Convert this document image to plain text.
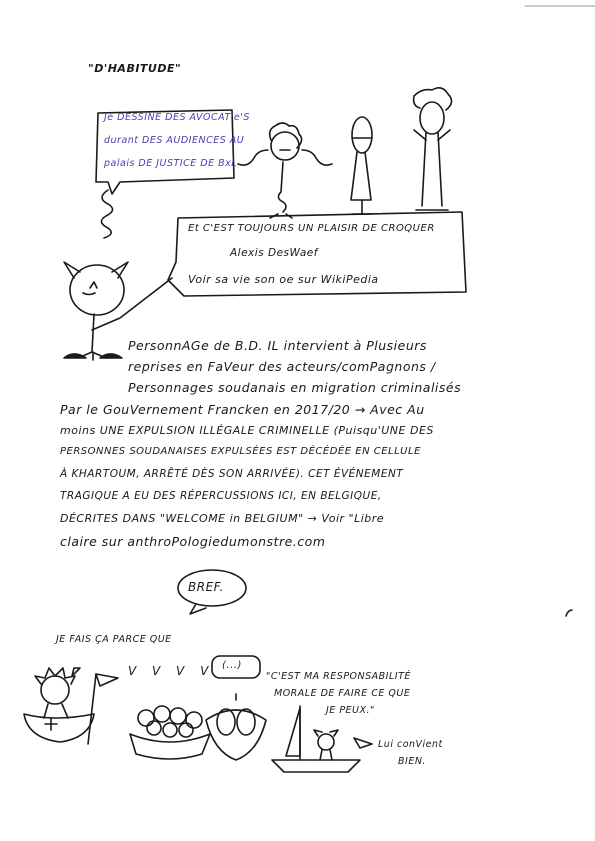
"D'HABITUDE"
Je DESSINE DES AVOCAT'e'S
durant DES AUDIENCES AU
palais DE JUSTICE DE BxL
Et C'EST TOUJOURS UN PLAISIR DE CROQUER
Alexis DesWaef
Voir sa vie son oe sur WikiPedia
PersonnAGe de B.D. IL intervient à Plusieurs
reprises en FaVeur des acteurs/comPagnons /
Personnages soudanais en migration criminalisés
Par le GouVernement Francken en 2017/20 → Avec Au
moins UNE EXPULSION ILLÉGALE CRIMINELLE (Puisqu'UNE DES
PERSONNES SOUDANAISES EXPULSÉES EST DÉCÉDÉE EN CELLULE
À KHARTOUM, ARRÊTÉ DÈS SON ARRIVÉE). CET ÉVÉNEMENT
TRAGIQUE A EU DES RÉPERCUSSIONS ICI, EN BELGIQUE,
DÉCRITES DANS "WELCOME in BELGIUM" → Voir "Libre
claire sur anthroPologiedumonstre.com
BREF.
JE FAIS ÇA PARCE QUE
V V V V (...)
"C'EST MA RESPONSABILITÉ
MORALE DE FAIRE CE QUE
JE PEUX."
Lui conVient
BIEN.
